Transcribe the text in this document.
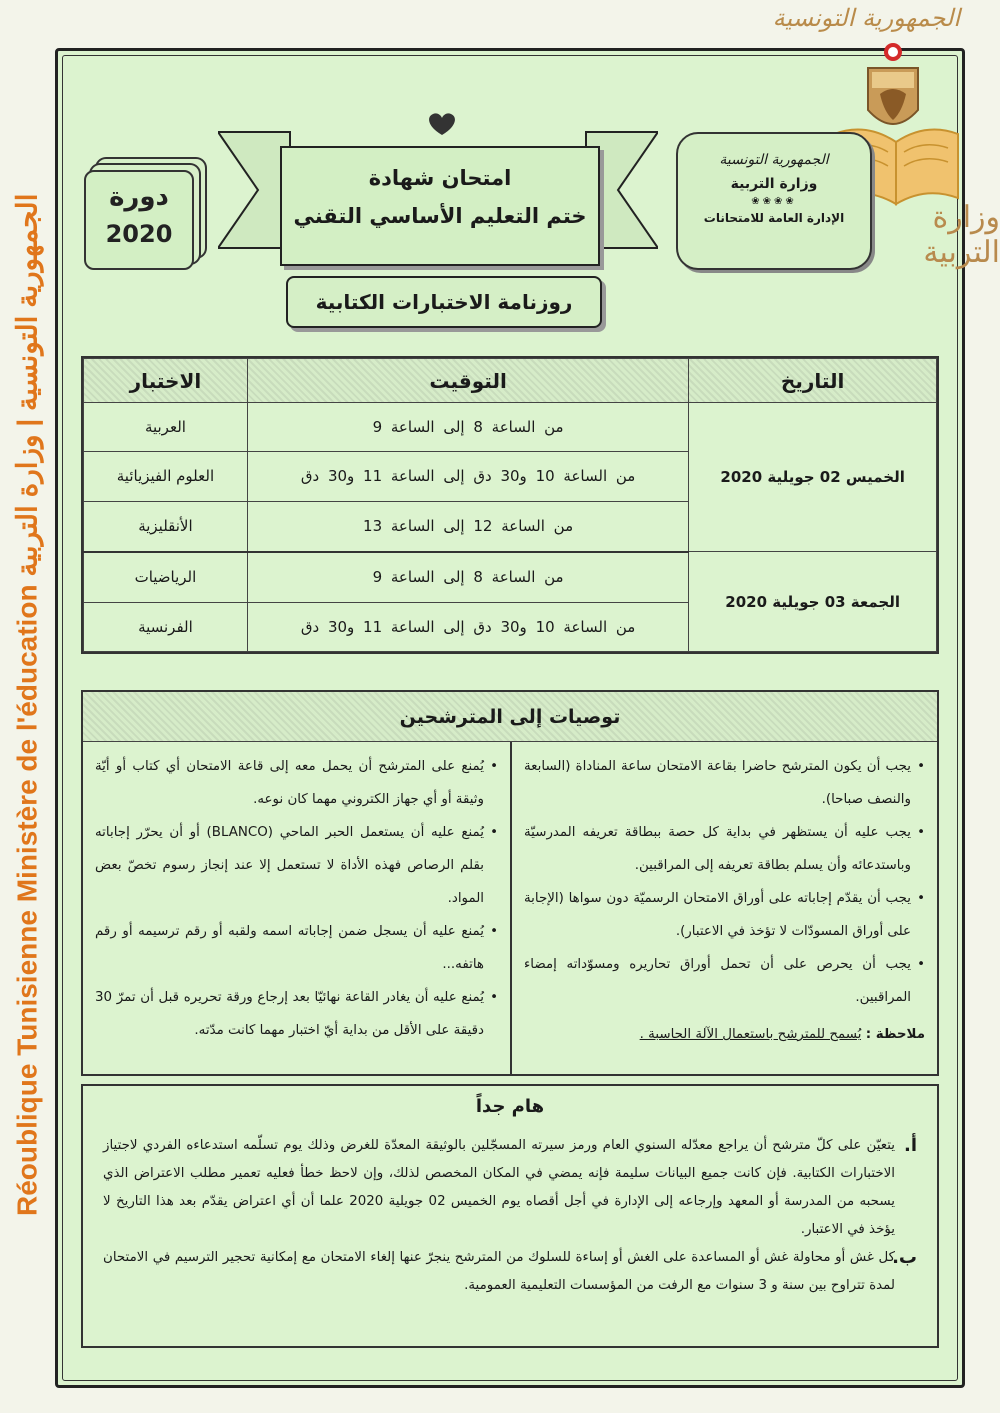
Réoublique Tunisienne Ministère de l'éducation الجمهورية التونسية | وزارة التربية
الجمهورية التونسية
وزارة التربية
دورة
2020
امتحان شهادة
ختم التعليم الأساسي التقني
الجمهورية التونسية
وزارة التربية
❀❀❀❀
الإدارة العامة للامتحانات
روزنامة الاختبارات الكتابية
التاريخ	التوقيت	الاختبار
الخميس 02 جويلية 2020	من الساعة 8 إلى الساعة 9	العربية
	من الساعة 10 و30 دق إلى الساعة 11 و30 دق	العلوم الفيزيائية
	من الساعة 12 إلى الساعة 13	الأنقليزية
الجمعة 03 جويلية 2020	من الساعة 8 إلى الساعة 9	الرياضيات
	من الساعة 10 و30 دق إلى الساعة 11 و30 دق	الفرنسية
توصيات إلى المترشحين
• يجب أن يكون المترشح حاضرا بقاعة الامتحان ساعة المناداة (السابعة والنصف صباحا).
• يجب عليه أن يستظهر في بداية كل حصة ببطاقة تعريفه المدرسيّة وباستدعائه وأن يسلم بطاقة تعريفه إلى المراقبين.
• يجب أن يقدّم إجاباته على أوراق الامتحان الرسميّة دون سواها (الإجابة على أوراق المسودّات لا تؤخذ في الاعتبار).
• يجب أن يحرص على أن تحمل أوراق تحاريره ومسوّداته إمضاء المراقبين.
ملاحظة : يُسمح للمترشح باستعمال الآلة الحاسبة .
• يُمنع على المترشح أن يحمل معه إلى قاعة الامتحان أي كتاب أو أيّة وثيقة أو أي جهاز الكتروني مهما كان نوعه.
• يُمنع عليه أن يستعمل الحبر الماحي (BLANCO) أو أن يحرّر إجاباته بقلم الرصاص فهذه الأداة لا تستعمل إلا عند إنجاز رسوم تخصّ بعض المواد.
• يُمنع عليه أن يسجل ضمن إجاباته اسمه ولقبه أو رقم ترسيمه أو رقم هاتفه...
• يُمنع عليه أن يغادر القاعة نهائيّا بعد إرجاع ورقة تحريره قبل أن تمرّ 30 دقيقة على الأقل من بداية أيّ اختبار مهما كانت مدّته.
هام جداً

أ.
يتعيّن على كلّ مترشح أن يراجع معدّله السنوي العام ورمز سيرته المسجّلين بالوثيقة المعدّة للغرض وذلك يوم تسلّمه استدعاءه الفردي لاجتياز الاختبارات الكتابية. فإن كانت جميع البيانات سليمة فإنه يمضي في المكان المخصص لذلك، وإن لاحظ خطأ فعليه تعمير مطلب الاعتراض الذي يسحبه من المدرسة أو المعهد وإرجاعه إلى الإدارة في أجل أقصاه يوم الخميس 02 جويلية 2020 علما أن أي اعتراض يقدّم بعد هذا التاريخ لا يؤخذ في الاعتبار.

ب.
كل غش أو محاولة غش أو المساعدة على الغش أو إساءة للسلوك من المترشح ينجرّ عنها إلغاء الامتحان مع إمكانية تحجير الترسيم في الامتحان لمدة تتراوح بين سنة و 3 سنوات مع الرفت من المؤسسات التعليمية العمومية.
